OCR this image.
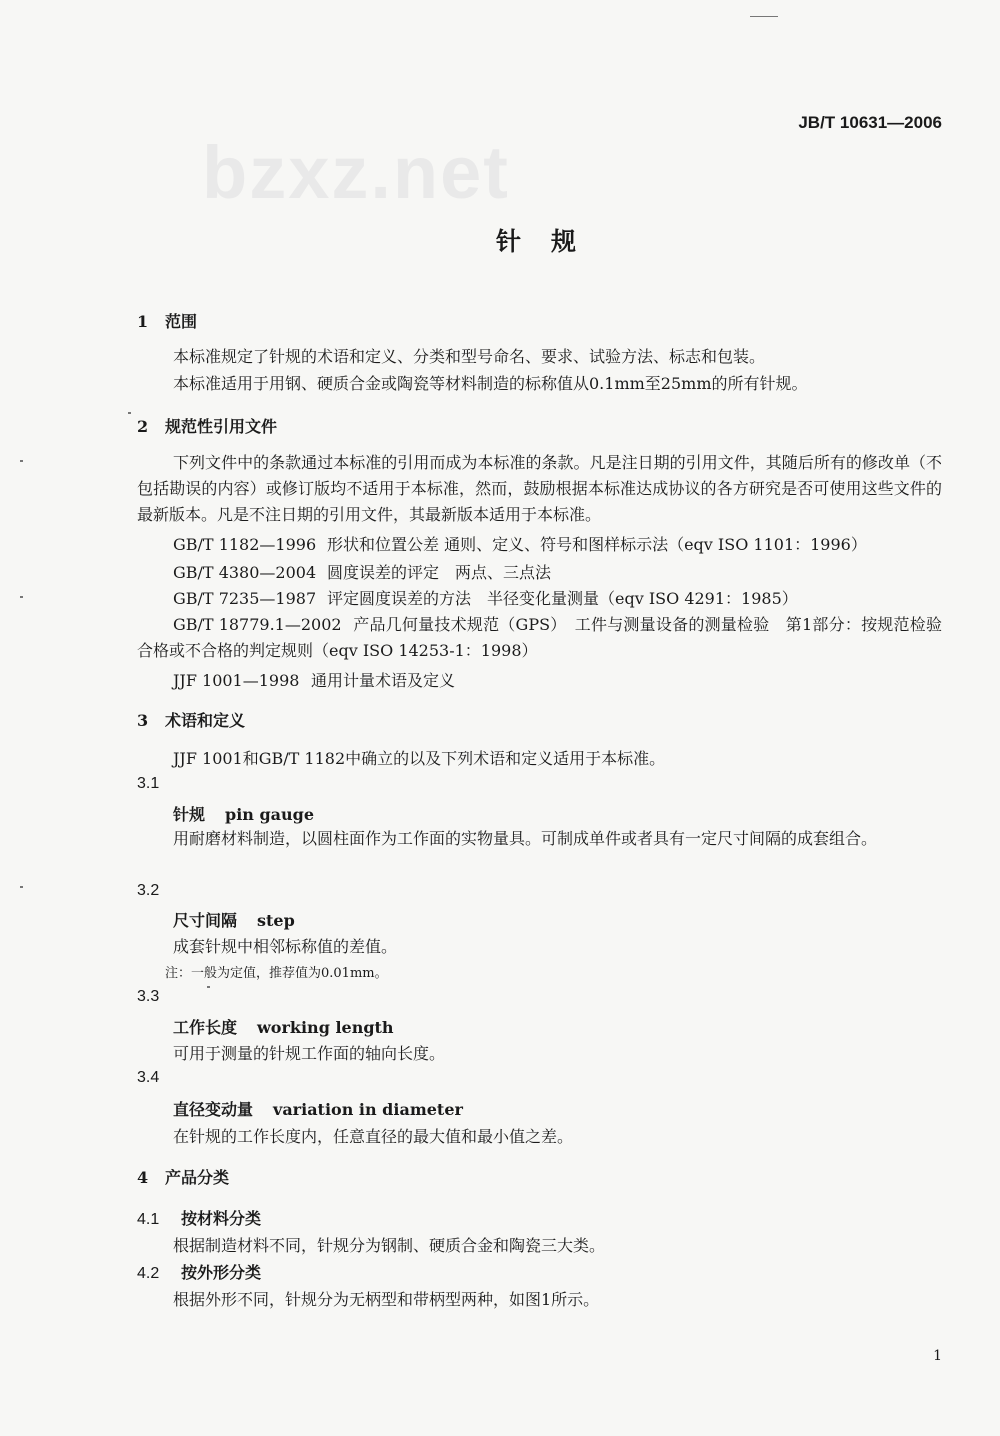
bzxz.net
JB/T 10631—2006
针规
1 范围
本标准规定了针规的术语和定义、分类和型号命名、要求、试验方法、标志和包装。
本标准适用于用钢、硬质合金或陶瓷等材料制造的标称值从0.1mm至25mm的所有针规。
2 规范性引用文件
下列文件中的条款通过本标准的引用而成为本标准的条款。凡是注日期的引用文件，其随后所有的修改单（不包括勘误的内容）或修订版均不适用于本标准，然而，鼓励根据本标准达成协议的各方研究是否可使用这些文件的最新版本。凡是不注日期的引用文件，其最新版本适用于本标准。
GB/T 1182—1996 形状和位置公差 通则、定义、符号和图样标示法（eqv ISO 1101：1996）
GB/T 4380—2004 圆度误差的评定　两点、三点法
GB/T 7235—1987 评定圆度误差的方法　半径变化量测量（eqv ISO 4291：1985）
GB/T 18779.1—2002 产品几何量技术规范（GPS）　工件与测量设备的测量检验　第1部分：按规范检验合格或不合格的判定规则（eqv ISO 14253-1：1998）
JJF 1001—1998 通用计量术语及定义
3 术语和定义
JJF 1001和GB/T 1182中确立的以及下列术语和定义适用于本标准。
3.1
针规 pin gauge
用耐磨材料制造，以圆柱面作为工作面的实物量具。可制成单件或者具有一定尺寸间隔的成套组合。
3.2
尺寸间隔 step
成套针规中相邻标称值的差值。
注：一般为定值，推荐值为0.01mm。
3.3
工作长度 working length
可用于测量的针规工作面的轴向长度。
3.4
直径变动量 variation in diameter
在针规的工作长度内，任意直径的最大值和最小值之差。
4 产品分类
4.1 按材料分类
根据制造材料不同，针规分为钢制、硬质合金和陶瓷三大类。
4.2 按外形分类
根据外形不同，针规分为无柄型和带柄型两种，如图1所示。
1
